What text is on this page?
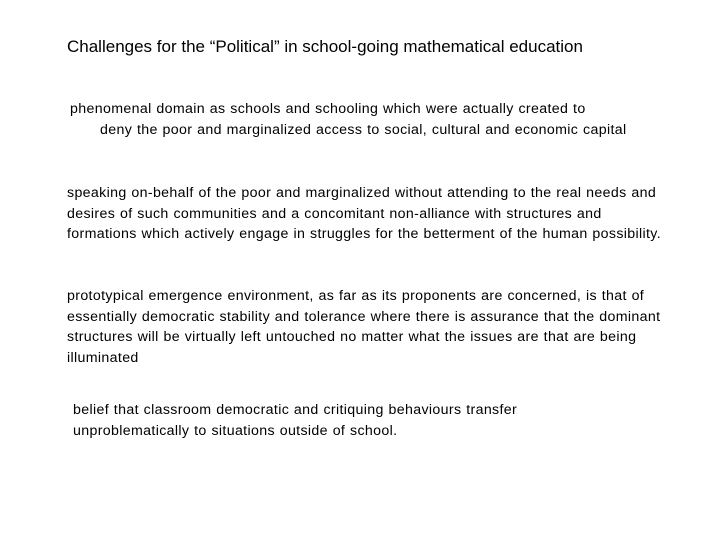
Challenges for the “Political” in school-going mathematical education

phenomenal domain as schools and schooling which were actually created to
deny the poor and marginalized access to social, cultural and economic capital

speaking on-behalf of the poor and marginalized without attending to the real needs and desires of such communities and a concomitant non-alliance with structures and formations which actively engage in struggles for the betterment of the human possibility.

prototypical emergence environment, as far as its proponents are concerned, is that of essentially democratic stability and tolerance where there is assurance that the dominant structures will be virtually left untouched no matter what the issues are that are being illuminated

belief that classroom democratic and critiquing behaviours transfer unproblematically to situations outside of school.
